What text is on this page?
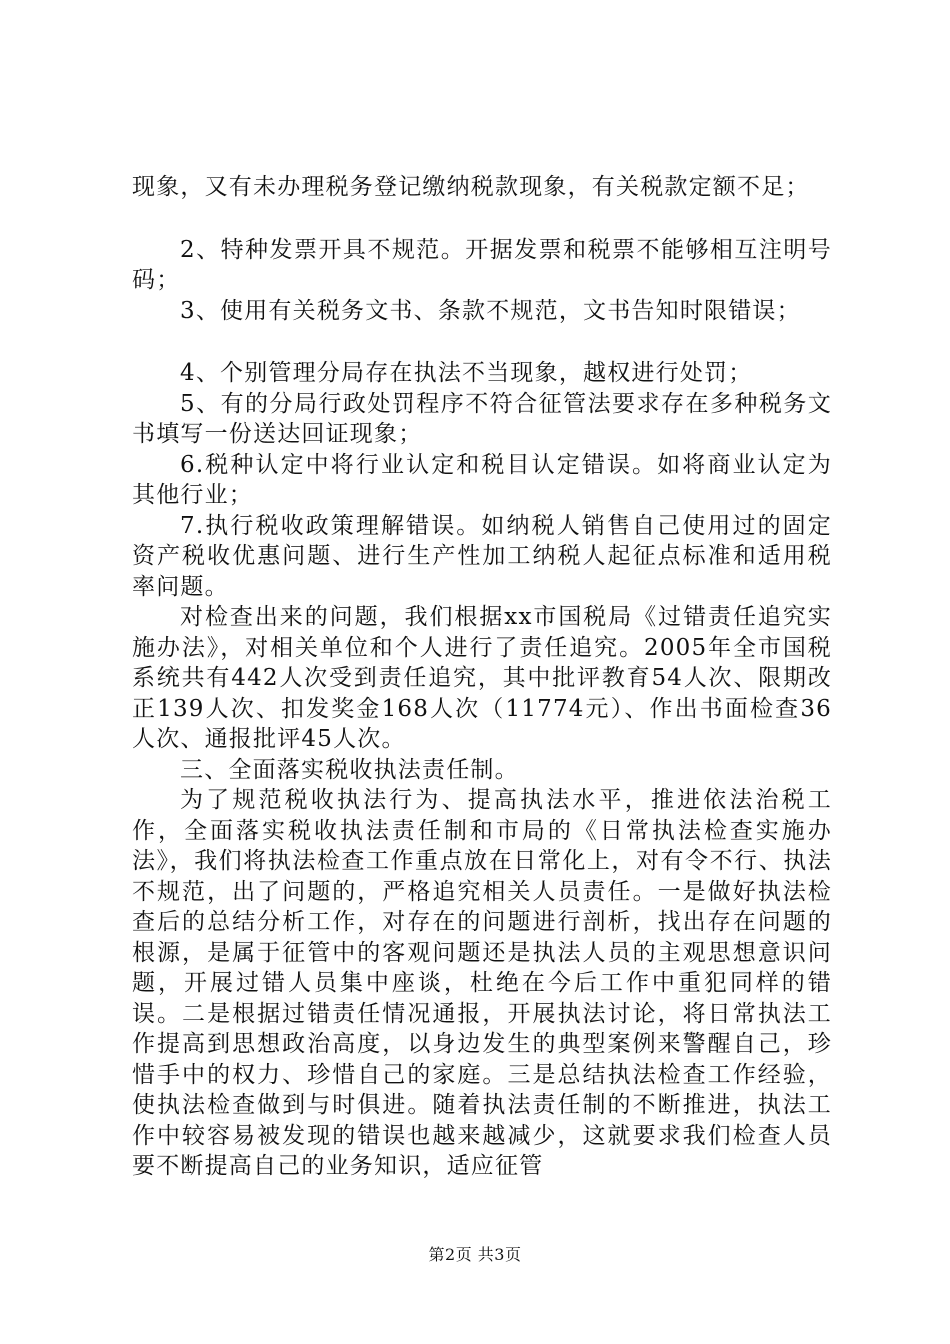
现象，又有未办理税务登记缴纳税款现象，有关税款定额不足；

2、特种发票开具不规范。开据发票和税票不能够相互注明号码；

3、使用有关税务文书、条款不规范，文书告知时限错误；

4、个别管理分局存在执法不当现象，越权进行处罚；

5、有的分局行政处罚程序不符合征管法要求存在多种税务文书填写一份送达回证现象；

6.税种认定中将行业认定和税目认定错误。如将商业认定为其他行业；

7.执行税收政策理解错误。如纳税人销售自己使用过的固定资产税收优惠问题、进行生产性加工纳税人起征点标准和适用税率问题。

对检查出来的问题，我们根据xx市国税局《过错责任追究实施办法》，对相关单位和个人进行了责任追究。2005年全市国税系统共有442人次受到责任追究，其中批评教育54人次、限期改正139人次、扣发奖金168人次（11774元）、作出书面检查36人次、通报批评45人次。

三、全面落实税收执法责任制。

为了规范税收执法行为、提高执法水平，推进依法治税工作，全面落实税收执法责任制和市局的《日常执法检查实施办法》，我们将执法检查工作重点放在日常化上，对有令不行、执法不规范，出了问题的，严格追究相关人员责任。一是做好执法检查后的总结分析工作，对存在的问题进行剖析，找出存在问题的根源，是属于征管中的客观问题还是执法人员的主观思想意识问题，开展过错人员集中座谈，杜绝在今后工作中重犯同样的错误。二是根据过错责任情况通报，开展执法讨论，将日常执法工作提高到思想政治高度，以身边发生的典型案例来警醒自己，珍惜手中的权力、珍惜自己的家庭。三是总结执法检查工作经验，使执法检查做到与时俱进。随着执法责任制的不断推进，执法工作中较容易被发现的错误也越来越减少，这就要求我们检查人员要不断提高自己的业务知识，适应征管

第2页 共3页
